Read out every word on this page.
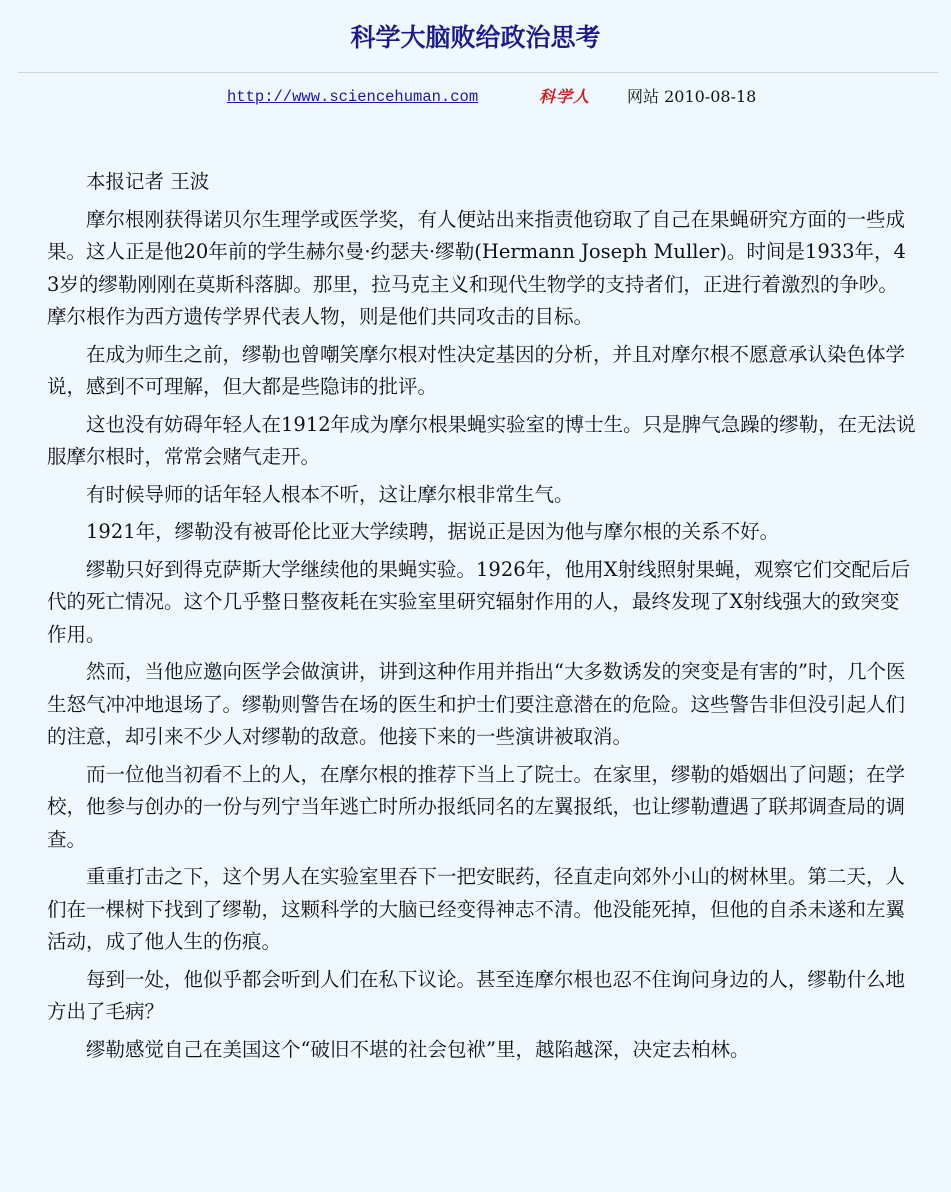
科学大脑败给政治思考
http://www.sciencehuman.com	科学人 网站 2010-08-18

本报记者 王波

摩尔根刚获得诺贝尔生理学或医学奖，有人便站出来指责他窃取了自己在果蝇研究方面的一些成果。这人正是他20年前的学生赫尔曼·约瑟夫·缪勒(Hermann Joseph Muller)。时间是1933年，43岁的缪勒刚刚在莫斯科落脚。那里，拉马克主义和现代生物学的支持者们，正进行着激烈的争吵。摩尔根作为西方遗传学界代表人物，则是他们共同攻击的目标。

在成为师生之前，缪勒也曾嘲笑摩尔根对性决定基因的分析，并且对摩尔根不愿意承认染色体学说，感到不可理解，但大都是些隐讳的批评。

这也没有妨碍年轻人在1912年成为摩尔根果蝇实验室的博士生。只是脾气急躁的缪勒，在无法说服摩尔根时，常常会赌气走开。

有时候导师的话年轻人根本不听，这让摩尔根非常生气。

1921年，缪勒没有被哥伦比亚大学续聘，据说正是因为他与摩尔根的关系不好。

缪勒只好到得克萨斯大学继续他的果蝇实验。1926年，他用X射线照射果蝇，观察它们交配后后代的死亡情况。这个几乎整日整夜耗在实验室里研究辐射作用的人，最终发现了X射线强大的致突变作用。

然而，当他应邀向医学会做演讲，讲到这种作用并指出“大多数诱发的突变是有害的”时，几个医生怒气冲冲地退场了。缪勒则警告在场的医生和护士们要注意潜在的危险。这些警告非但没引起人们的注意，却引来不少人对缪勒的敌意。他接下来的一些演讲被取消。

而一位他当初看不上的人，在摩尔根的推荐下当上了院士。在家里，缪勒的婚姻出了问题；在学校，他参与创办的一份与列宁当年逃亡时所办报纸同名的左翼报纸，也让缪勒遭遇了联邦调查局的调查。

重重打击之下，这个男人在实验室里吞下一把安眠药，径直走向郊外小山的树林里。第二天，人们在一棵树下找到了缪勒，这颗科学的大脑已经变得神志不清。他没能死掉，但他的自杀未遂和左翼活动，成了他人生的伤痕。

每到一处，他似乎都会听到人们在私下议论。甚至连摩尔根也忍不住询问身边的人，缪勒什么地方出了毛病？

缪勒感觉自己在美国这个“破旧不堪的社会包袱”里，越陷越深，决定去柏林。
